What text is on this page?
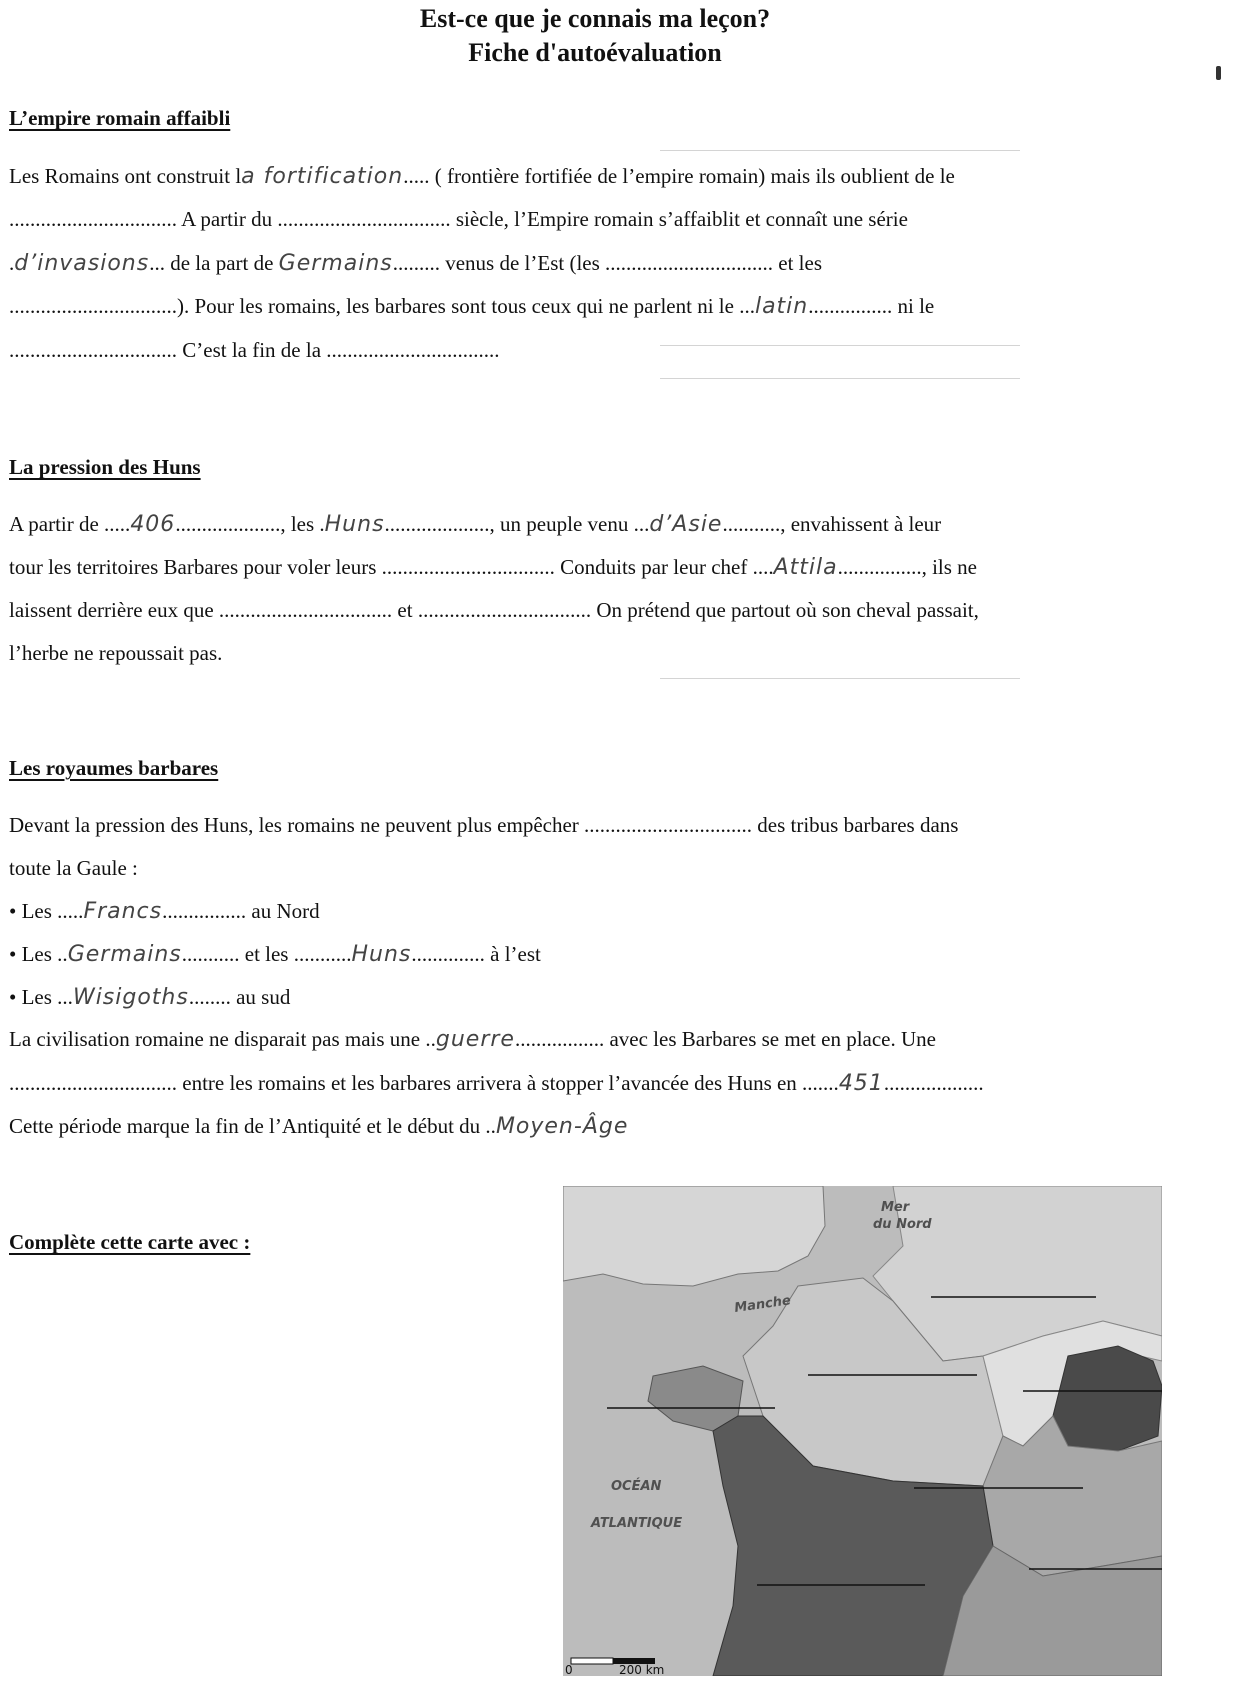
Est-ce que je connais ma leçon?
Fiche d'autoévaluation
L’empire romain affaibli
Les Romains ont construit la fortification..... ( frontière fortifiée de l’empire romain) mais ils oublient de le
................................ A partir du ................................. siècle, l’Empire romain s’affaiblit et connaît une série
.d’invasions... de la part de Germains......... venus de l’Est (les ................................ et les
................................). Pour les romains, les barbares sont tous ceux qui ne parlent ni le ...latin................ ni le
................................ C’est la fin de la .................................
La pression des Huns
A partir de .....406...................., les .Huns...................., un peuple venu ...d’Asie..........., envahissent à leur
tour les territoires Barbares pour voler leurs ................................. Conduits par leur chef ....Attila................, ils ne
laissent derrière eux que ................................. et ................................. On prétend que partout où son cheval passait,
l’herbe ne repoussait pas.
Les royaumes barbares
Devant la pression des Huns, les romains ne peuvent plus empêcher ................................ des tribus barbares dans
toute la Gaule :
• Les .....Francs................ au Nord
• Les ..Germains........... et les ...........Huns.............. à l’est
• Les ...Wisigoths........ au sud
La civilisation romaine ne disparait pas mais une ..guerre................. avec les Barbares se met en place. Une
................................ entre les romains et les barbares arrivera à stopper l’avancée des Huns en .......451...................
Cette période marque la fin de l’Antiquité et le début du ..Moyen-Âge
Complète cette carte avec :
Mer
du Nord
Manche
OCÉAN
ATLANTIQUE
0	200 km
